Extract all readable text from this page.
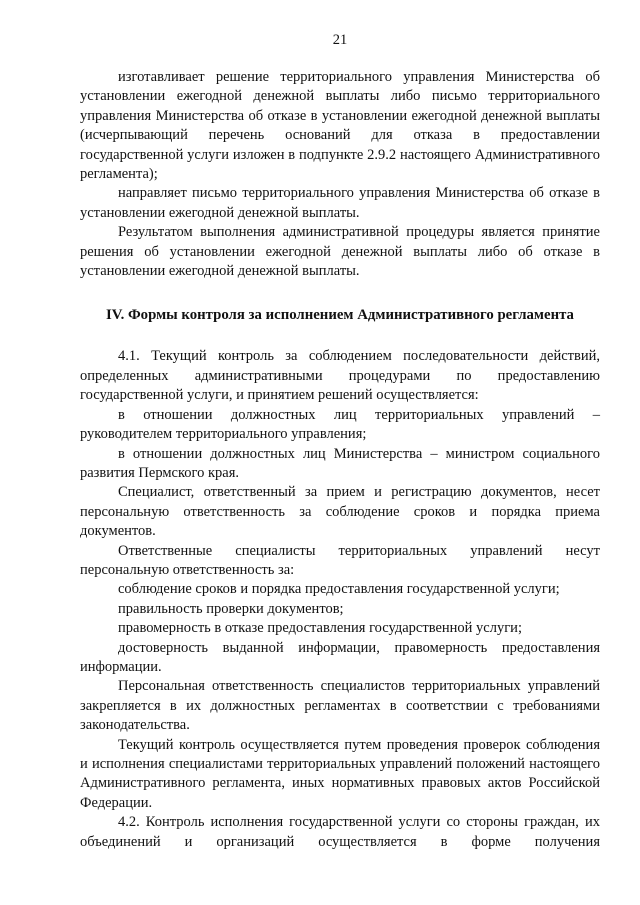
21

изготавливает решение территориального управления Министерства об установлении ежегодной денежной выплаты либо письмо территориального управления Министерства об отказе в установлении ежегодной денежной выплаты (исчерпывающий перечень оснований для отказа в предоставлении государственной услуги изложен в подпункте 2.9.2 настоящего Административного регламента);

направляет письмо территориального управления Министерства об отказе в установлении ежегодной денежной выплаты.

Результатом выполнения административной процедуры является принятие решения об установлении ежегодной денежной выплаты либо об отказе в установлении ежегодной денежной выплаты.

IV. Формы контроля за исполнением Административного регламента

4.1. Текущий контроль за соблюдением последовательности действий, определенных административными процедурами по предоставлению государственной услуги, и принятием решений осуществляется:

в отношении должностных лиц территориальных управлений – руководителем территориального управления;

в отношении должностных лиц Министерства – министром социального развития Пермского края.

Специалист, ответственный за прием и регистрацию документов, несет персональную ответственность за соблюдение сроков и порядка приема документов.

Ответственные специалисты территориальных управлений несут персональную ответственность за:

соблюдение сроков и порядка предоставления государственной услуги;

правильность проверки документов;

правомерность в отказе предоставления государственной услуги;

достоверность выданной информации, правомерность предоставления информации.

Персональная ответственность специалистов территориальных управлений закрепляется в их должностных регламентах в соответствии с требованиями законодательства.

Текущий контроль осуществляется путем проведения проверок соблюдения и исполнения специалистами территориальных управлений положений настоящего Административного регламента, иных нормативных правовых актов Российской Федерации.

4.2. Контроль исполнения государственной услуги со стороны граждан, их объединений и организаций осуществляется в форме получения
